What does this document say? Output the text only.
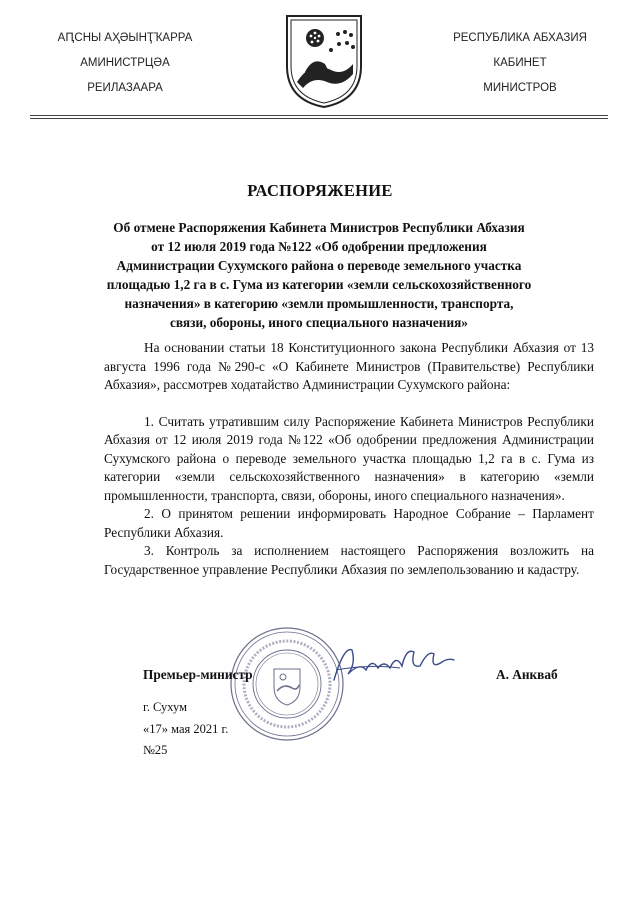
АԤСНЫ АҲӘЫНҬҠАРРА
АМИНИСТРЦӘА
РЕИЛАЗААРА
РЕСПУБЛИКА АБХАЗИЯ
КАБИНЕТ
МИНИСТРОВ
РАСПОРЯЖЕНИЕ
Об отмене Распоряжения Кабинета Министров Республики Абхазия
от 12 июля 2019 года №122 «Об одобрении предложения
Администрации Сухумского района о переводе земельного участка
площадью 1,2 га в с. Гума из категории «земли сельскохозяйственного
назначения» в категорию «земли промышленности, транспорта,
связи, обороны, иного специального назначения»

На основании статьи 18 Конституционного закона Республики Абхазия от 13 августа 1996 года №290-с «О Кабинете Министров (Правительстве) Республики Абхазия», рассмотрев ходатайство Администрации Сухумского района:

1. Считать утратившим силу Распоряжение Кабинета Министров Республики Абхазия от 12 июля 2019 года №122 «Об одобрении предложения Администрации Сухумского района о переводе земельного участка площадью 1,2 га в с. Гума из категории «земли сельскохозяйственного назначения» в категорию «земли промышленности, транспорта, связи, обороны, иного специального назначения».

2. О принятом решении информировать Народное Собрание – Парламент Республики Абхазия.

3. Контроль за исполнением настоящего Распоряжения возложить на Государственное управление Республики Абхазия по землепользованию и кадастру.

Премьер-министр	А. Анкваб
г. Сухум
«17» мая 2021 г.
№25
